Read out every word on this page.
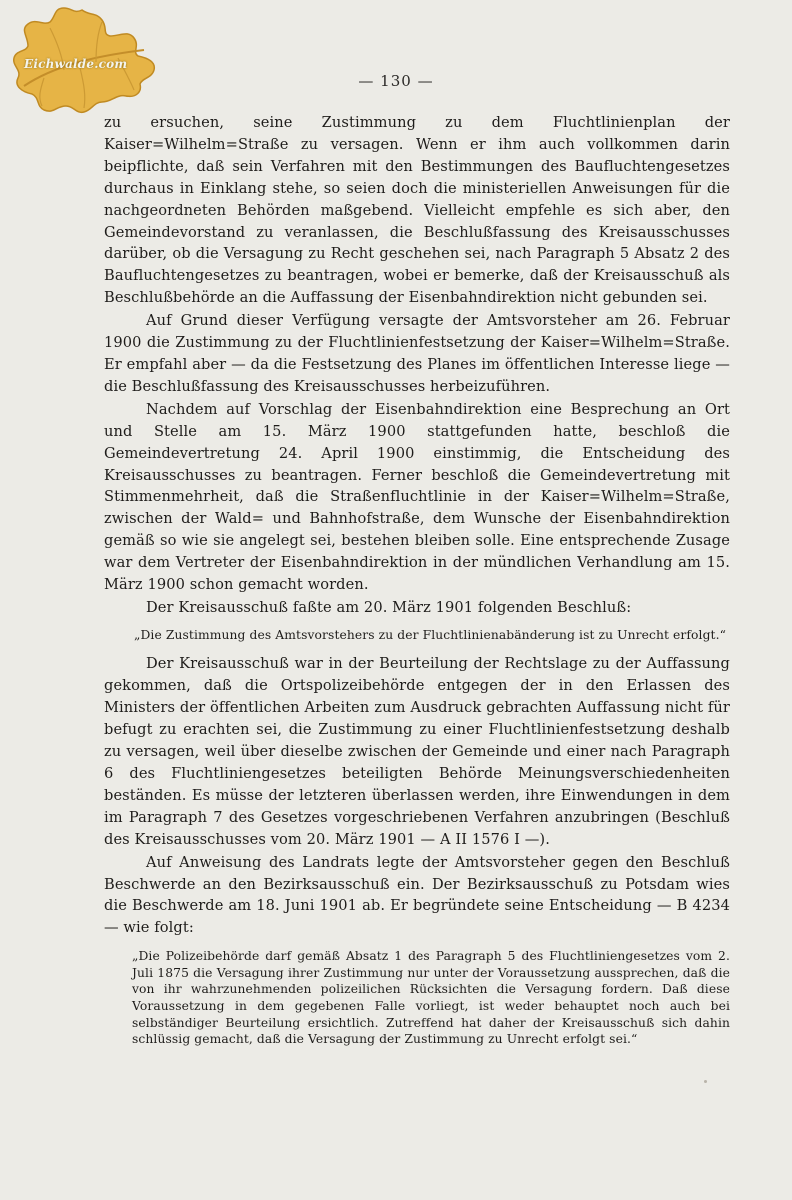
Eichwalde.com
— 130 —

zu ersuchen, seine Zustimmung zu dem Fluchtlinienplan der Kaiser=Wilhelm=Straße zu versagen. Wenn er ihm auch vollkommen darin beipflichte, daß sein Verfahren mit den Bestimmungen des Baufluchtengesetzes durchaus in Einklang stehe, so seien doch die ministeriellen Anweisungen für die nachgeordneten Behörden maßgebend. Vielleicht empfehle es sich aber, den Gemeindevorstand zu veranlassen, die Beschlußfassung des Kreisausschusses darüber, ob die Versagung zu Recht geschehen sei, nach Paragraph 5 Absatz 2 des Baufluchtengesetzes zu beantragen, wobei er bemerke, daß der Kreisausschuß als Beschlußbehörde an die Auffassung der Eisenbahndirektion nicht gebunden sei.

Auf Grund dieser Verfügung versagte der Amtsvorsteher am 26. Februar 1900 die Zustimmung zu der Fluchtlinienfestsetzung der Kaiser=Wilhelm=Straße. Er empfahl aber — da die Festsetzung des Planes im öffentlichen Interesse liege — die Beschlußfassung des Kreisausschusses herbeizuführen.

Nachdem auf Vorschlag der Eisenbahndirektion eine Besprechung an Ort und Stelle am 15. März 1900 stattgefunden hatte, beschloß die Gemeindevertretung 24. April 1900 einstimmig, die Entscheidung des Kreisausschusses zu beantragen. Ferner beschloß die Gemeindevertretung mit Stimmenmehrheit, daß die Straßenfluchtlinie in der Kaiser=Wilhelm=Straße, zwischen der Wald= und Bahnhofstraße, dem Wunsche der Eisenbahndirektion gemäß so wie sie angelegt sei, bestehen bleiben solle. Eine entsprechende Zusage war dem Vertreter der Eisenbahndirektion in der mündlichen Verhandlung am 15. März 1900 schon gemacht worden.

Der Kreisausschuß faßte am 20. März 1901 folgenden Beschluß:

„Die Zustimmung des Amtsvorstehers zu der Fluchtlinienabänderung ist zu Unrecht erfolgt.“

Der Kreisausschuß war in der Beurteilung der Rechtslage zu der Auffassung gekommen, daß die Ortspolizeibehörde entgegen der in den Erlassen des Ministers der öffentlichen Arbeiten zum Ausdruck gebrachten Auffassung nicht für befugt zu erachten sei, die Zustimmung zu einer Fluchtlinienfestsetzung deshalb zu versagen, weil über dieselbe zwischen der Gemeinde und einer nach Paragraph 6 des Fluchtliniengesetzes beteiligten Behörde Meinungsverschiedenheiten beständen. Es müsse der letzteren überlassen werden, ihre Einwendungen in dem im Paragraph 7 des Gesetzes vorgeschriebenen Verfahren anzubringen (Beschluß des Kreisausschusses vom 20. März 1901 — A II 1576 I —).

Auf Anweisung des Landrats legte der Amtsvorsteher gegen den Beschluß Beschwerde an den Bezirksausschuß ein. Der Bezirksausschuß zu Potsdam wies die Beschwerde am 18. Juni 1901 ab. Er begründete seine Entscheidung — B 4234 — wie folgt:

„Die Polizeibehörde darf gemäß Absatz 1 des Paragraph 5 des Fluchtliniengesetzes vom 2. Juli 1875 die Versagung ihrer Zustimmung nur unter der Voraussetzung aussprechen, daß die von ihr wahrzunehmenden polizeilichen Rücksichten die Versagung fordern. Daß diese Voraussetzung in dem gegebenen Falle vorliegt, ist weder behauptet noch auch bei selbständiger Beurteilung ersichtlich. Zutreffend hat daher der Kreisausschuß sich dahin schlüssig gemacht, daß die Versagung der Zustimmung zu Unrecht erfolgt sei.“
